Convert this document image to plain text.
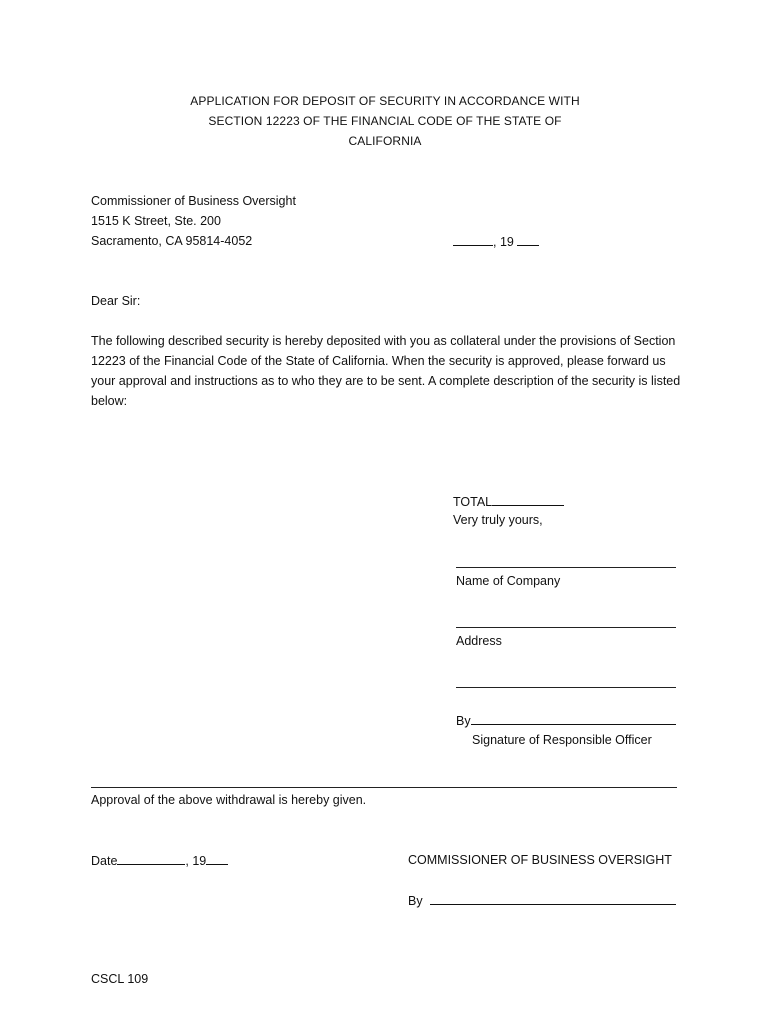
APPLICATION FOR DEPOSIT OF SECURITY IN ACCORDANCE WITH
SECTION 12223 OF THE FINANCIAL CODE OF THE STATE OF
CALIFORNIA
Commissioner of Business Oversight
1515 K Street, Ste. 200
Sacramento, CA 95814-4052	, 19
Dear Sir:
The following described security is hereby deposited with you as collateral under the provisions of Section 12223 of the Financial Code of the State of California. When the security is approved, please forward us your approval and instructions as to who they are to be sent. A complete description of the security is listed below:
TOTAL
Very truly yours,
Name of Company
Address
By
Signature of Responsible Officer
Approval of the above withdrawal is hereby given.
Date	, 19	COMMISSIONER OF BUSINESS OVERSIGHT
By
CSCL 109
